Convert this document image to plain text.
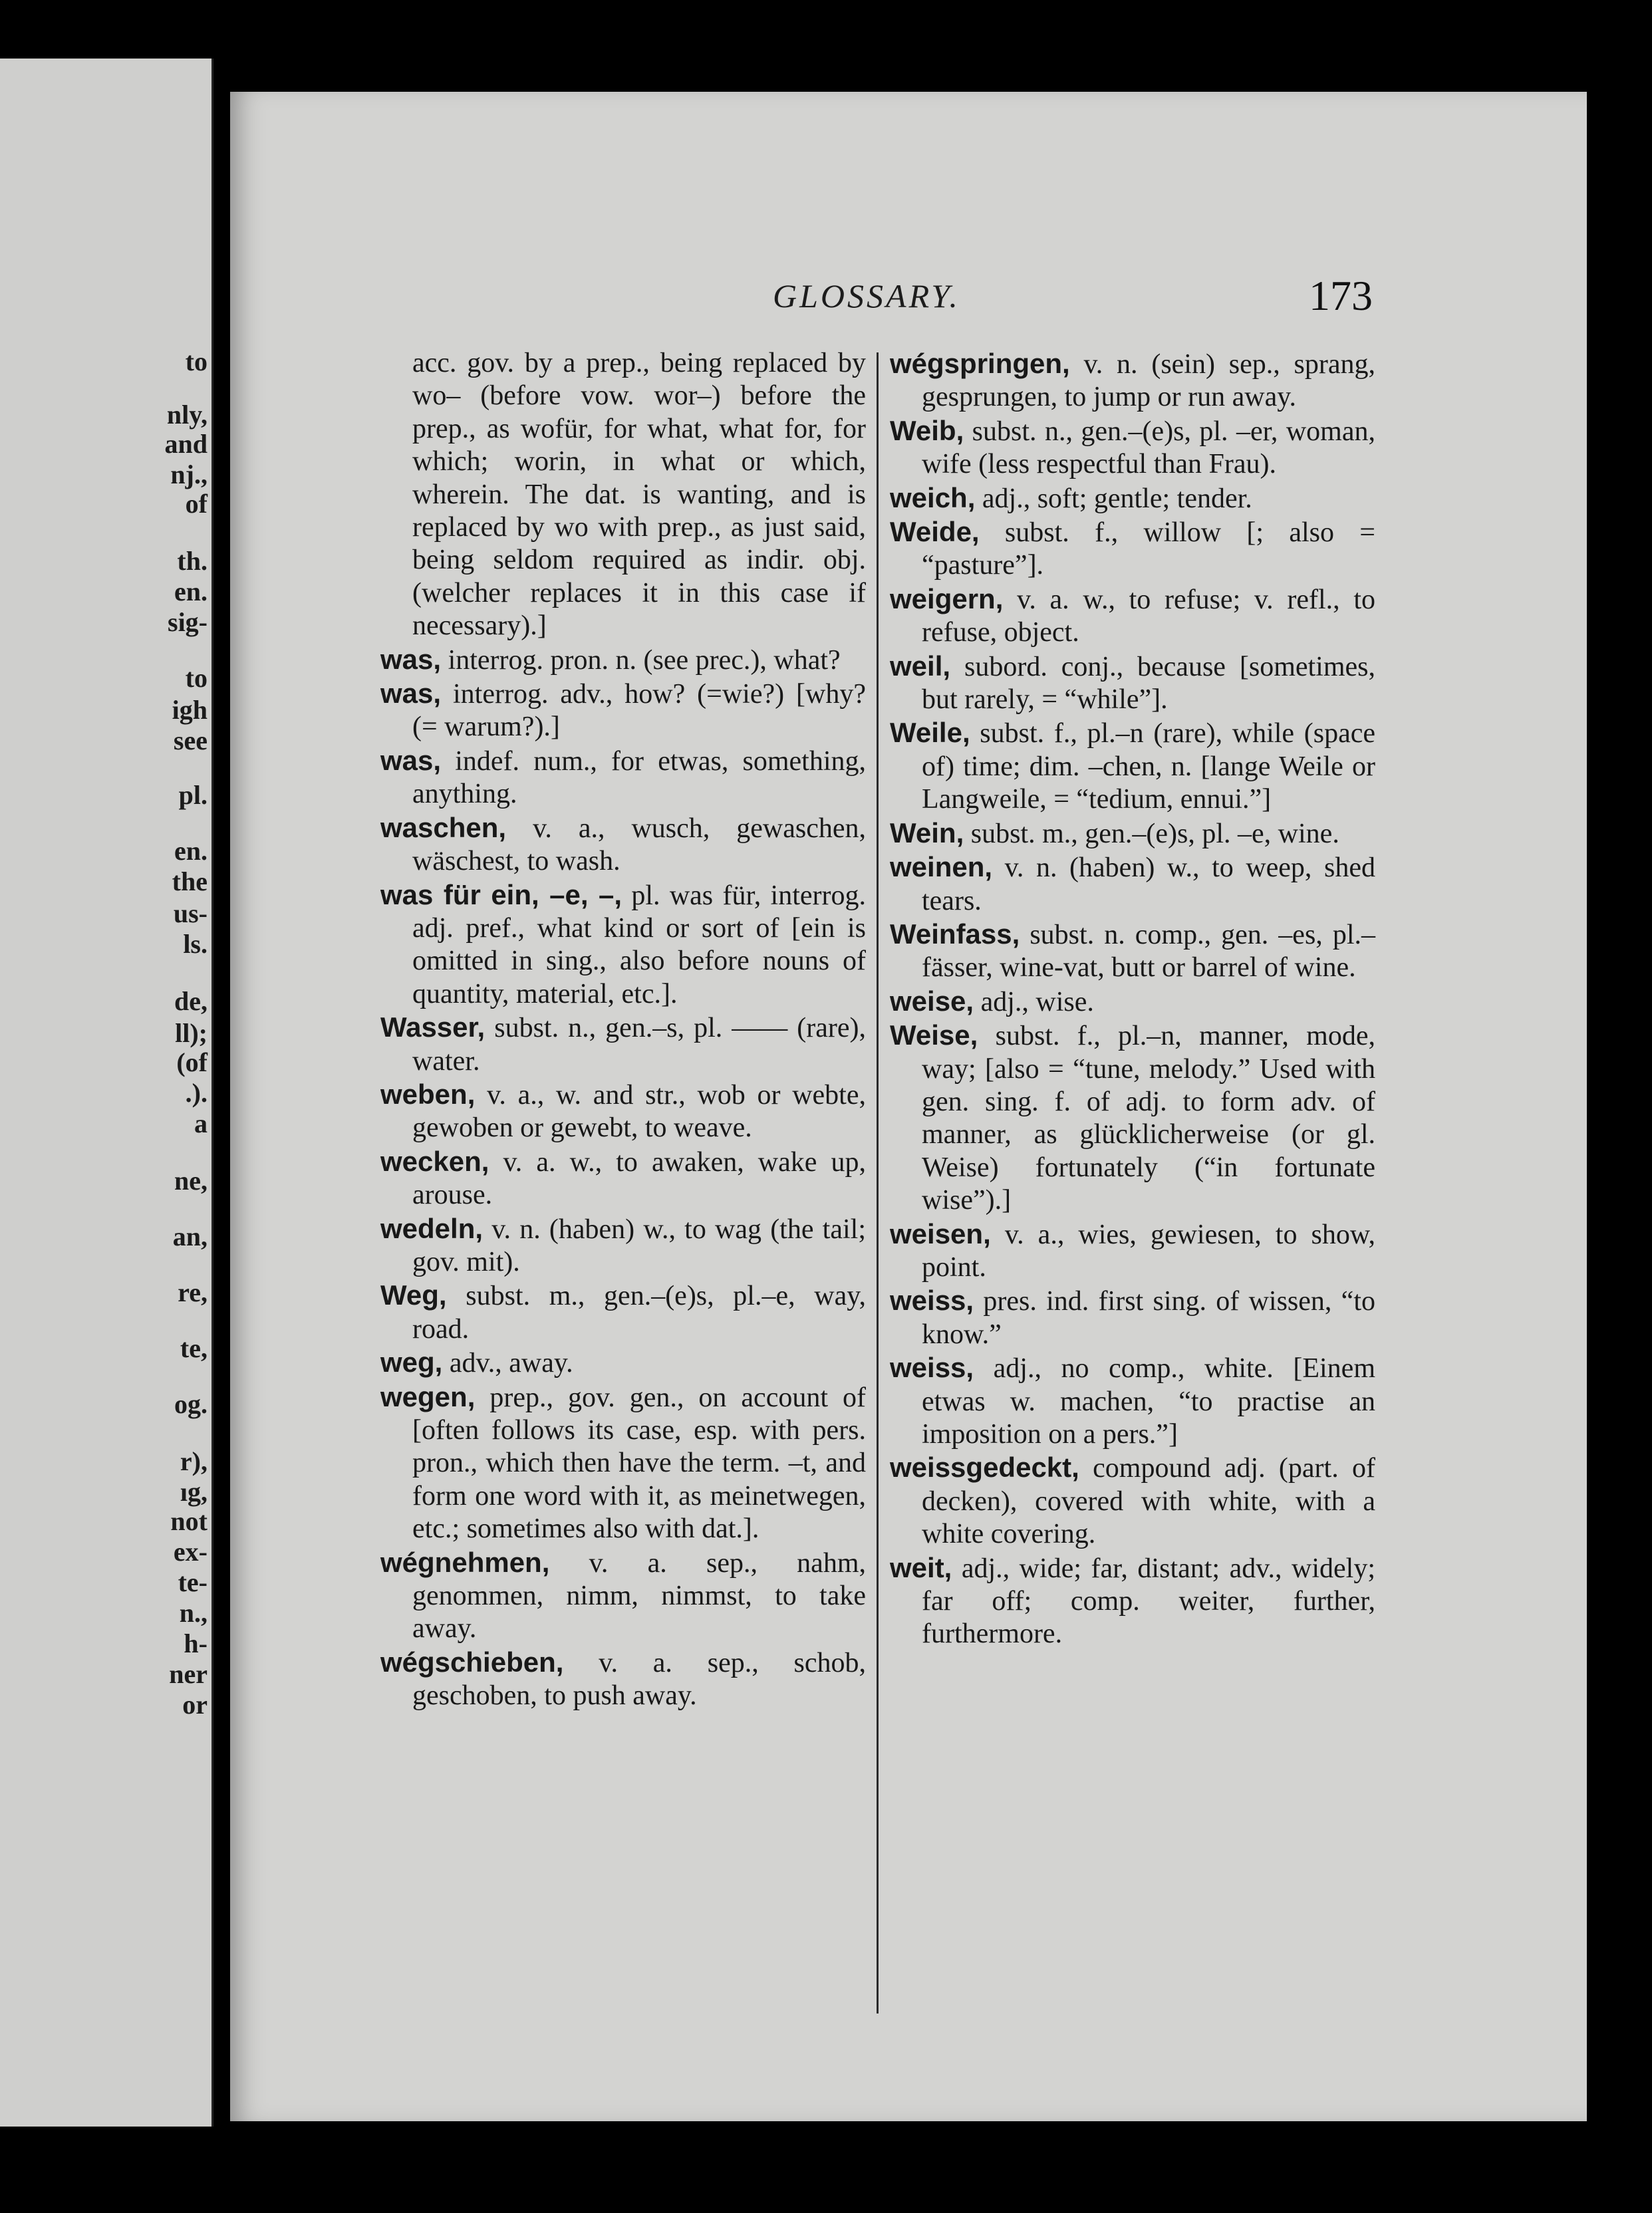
to
nly,
and
nj.,
of
th.
en.
sig-
to
igh
see
pl.
en.
the
us-
ls.
de,
ll);
(of
.).
a
ne,
an,
re,
te,
og.
r),
ıg,
not
ex-
te-
n.,
h-
ner
or
GLOSSARY.	173

acc. gov. by a prep., being replaced by wo– (before vow. wor–) before the prep., as wofür, for what, what for, for which; worin, in what or which, wherein. The dat. is wanting, and is replaced by wo with prep., as just said, being seldom required as indir. obj. (welcher replaces it in this case if necessary).]

was, interrog. pron. n. (see prec.), what?

was, interrog. adv., how? (=wie?) [why? (= warum?).]

was, indef. num., for etwas, something, anything.

waschen, v. a., wusch, gewaschen, wäschest, to wash.

was für ein, –e, –, pl. was für, interrog. adj. pref., what kind or sort of [ein is omitted in sing., also before nouns of quantity, material, etc.].

Wasser, subst. n., gen.–s, pl. —— (rare), water.

weben, v. a., w. and str., wob or webte, gewoben or gewebt, to weave.

wecken, v. a. w., to awaken, wake up, arouse.

wedeln, v. n. (haben) w., to wag (the tail; gov. mit).

Weg, subst. m., gen.–(e)s, pl.–e, way, road.

weg, adv., away.

wegen, prep., gov. gen., on account of [often follows its case, esp. with pers. pron., which then have the term. –t, and form one word with it, as meinetwegen, etc.; sometimes also with dat.].

wégnehmen, v. a. sep., nahm, genommen, nimm, nimmst, to take away.

wégschieben, v. a. sep., schob, geschoben, to push away.

wégspringen, v. n. (sein) sep., sprang, gesprungen, to jump or run away.

Weib, subst. n., gen.–(e)s, pl. –er, woman, wife (less respectful than Frau).

weich, adj., soft; gentle; tender.

Weide, subst. f., willow [; also = “pasture”].

weigern, v. a. w., to refuse; v. refl., to refuse, object.

weil, subord. conj., because [sometimes, but rarely, = “while”].

Weile, subst. f., pl.–n (rare), while (space of) time; dim. –chen, n. [lange Weile or Langweile, = “tedium, ennui.”]

Wein, subst. m., gen.–(e)s, pl. –e, wine.

weinen, v. n. (haben) w., to weep, shed tears.

Weinfass, subst. n. comp., gen. –es, pl.–fässer, wine-vat, butt or barrel of wine.

weise, adj., wise.

Weise, subst. f., pl.–n, manner, mode, way; [also = “tune, melody.” Used with gen. sing. f. of adj. to form adv. of manner, as glücklicherweise (or gl. Weise) fortunately (“in fortunate wise”).]

weisen, v. a., wies, gewiesen, to show, point.

weiss, pres. ind. first sing. of wissen, “to know.”

weiss, adj., no comp., white. [Einem etwas w. machen, “to practise an imposition on a pers.”]

weissgedeckt, compound adj. (part. of decken), covered with white, with a white covering.

weit, adj., wide; far, distant; adv., widely; far off; comp. weiter, further, furthermore.
